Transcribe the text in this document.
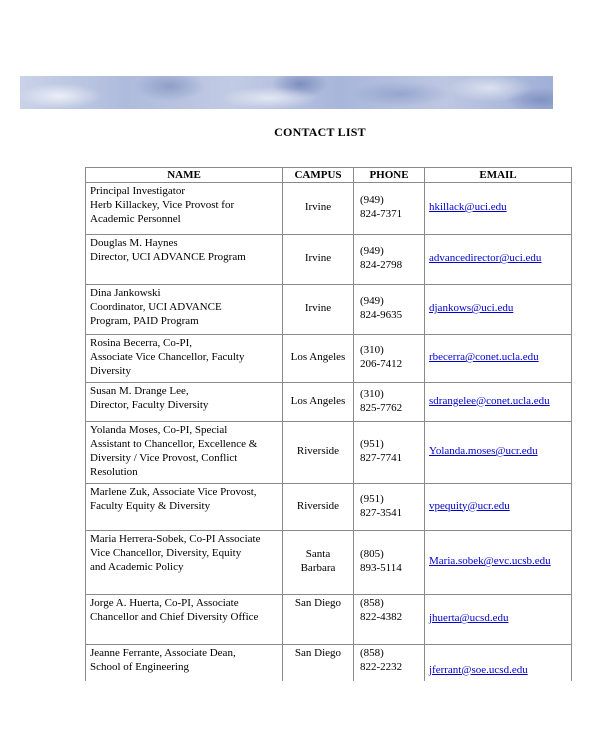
CONTACT LIST
NAME	CAMPUS	PHONE	EMAIL

Principal Investigator
Herb Killackey, Vice Provost for
Academic Personnel	Irvine	(949)
824-7371	hkillack@uci.edu

Douglas M. Haynes
Director, UCI ADVANCE Program	Irvine	(949)
824-2798	advancedirector@uci.edu

Dina Jankowski
Coordinator, UCI ADVANCE
Program, PAID Program	Irvine	(949)
824-9635	djankows@uci.edu

Rosina Becerra, Co-PI,
Associate Vice Chancellor, Faculty
Diversity	Los Angeles	(310)
206-7412	rbecerra@conet.ucla.edu

Susan M. Drange Lee,
Director, Faculty Diversity	Los Angeles	(310)
825-7762	sdrangelee@conet.ucla.edu

Yolanda Moses, Co-PI, Special
Assistant to Chancellor, Excellence &
Diversity / Vice Provost, Conflict
Resolution	Riverside	(951)
827-7741	Yolanda.moses@ucr.edu

Marlene Zuk, Associate Vice Provost,
Faculty Equity & Diversity	Riverside	(951)
827-3541	vpequity@ucr.edu

Maria Herrera-Sobek, Co-PI Associate
Vice Chancellor, Diversity, Equity
and Academic Policy	Santa
Barbara	(805)
893-5114	Maria.sobek@evc.ucsb.edu

Jorge A. Huerta, Co-PI, Associate
Chancellor and Chief Diversity Office	San Diego	(858)
822-4382	jhuerta@ucsd.edu

Jeanne Ferrante, Associate Dean,
School of Engineering	San Diego	(858)
822-2232	jferrant@soe.ucsd.edu
